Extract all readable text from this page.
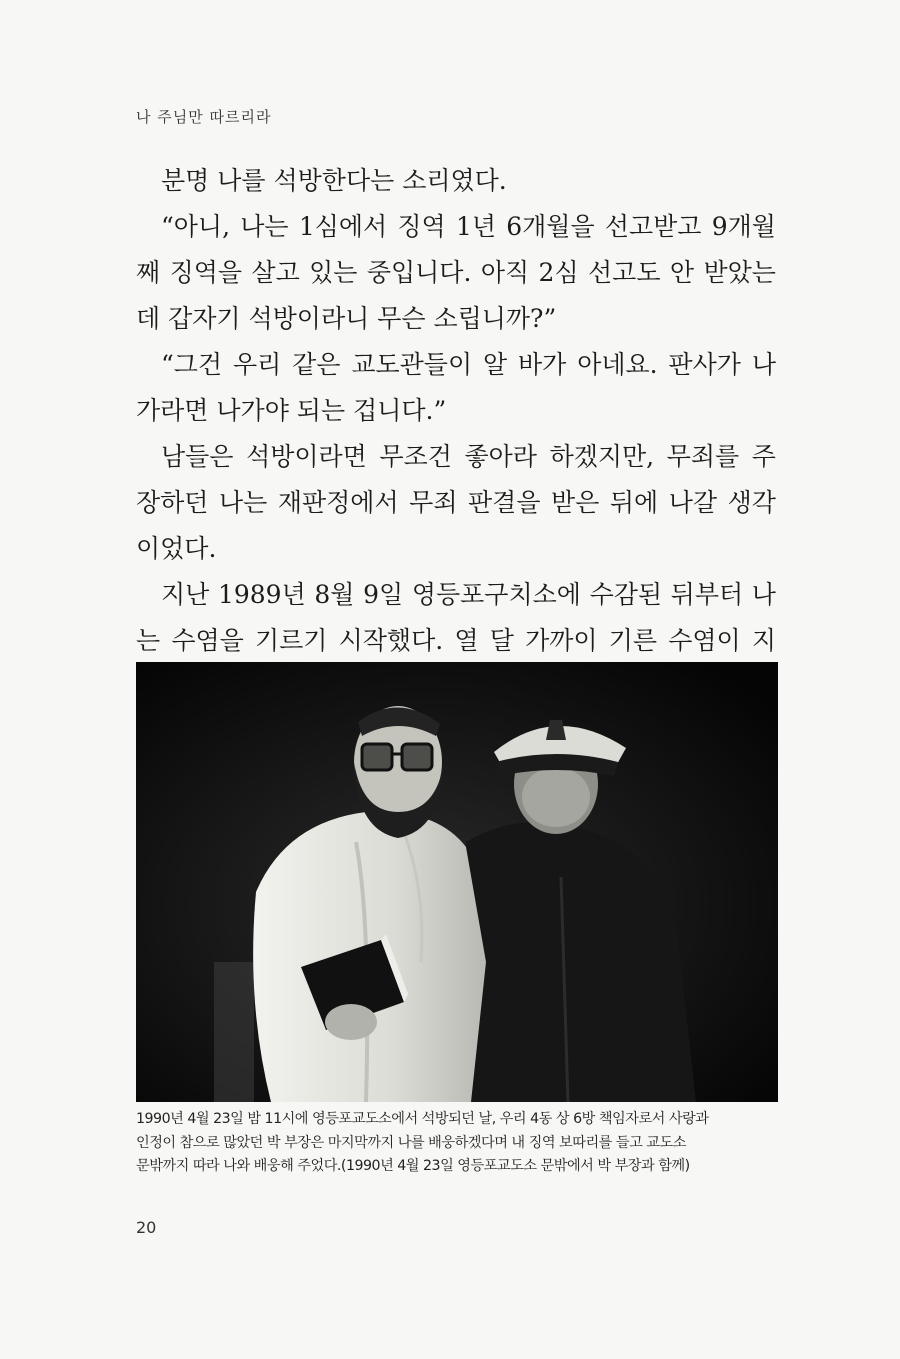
나 주님만 따르리라
분명 나를 석방한다는 소리였다.
“아니, 나는 1심에서 징역 1년 6개월을 선고받고 9개월
째 징역을 살고 있는 중입니다. 아직 2심 선고도 안 받았는
데 갑자기 석방이라니 무슨 소립니까?”
“그건 우리 같은 교도관들이 알 바가 아네요. 판사가 나
가라면 나가야 되는 겁니다.”
남들은 석방이라면 무조건 좋아라 하겠지만, 무죄를 주
장하던 나는 재판정에서 무죄 판결을 받은 뒤에 나갈 생각
이었다.
지난 1989년 8월 9일 영등포구치소에 수감된 뒤부터 나
는 수염을 기르기 시작했다. 열 달 가까이 기른 수염이 지
1990년 4월 23일 밤 11시에 영등포교도소에서 석방되던 날, 우리 4동 상 6방 책임자로서 사랑과
인정이 참으로 많았던 박 부장은 마지막까지 나를 배웅하겠다며 내 징역 보따리를 들고 교도소
문밖까지 따라 나와 배웅해 주었다.(1990년 4월 23일 영등포교도소 문밖에서 박 부장과 함께)
20
